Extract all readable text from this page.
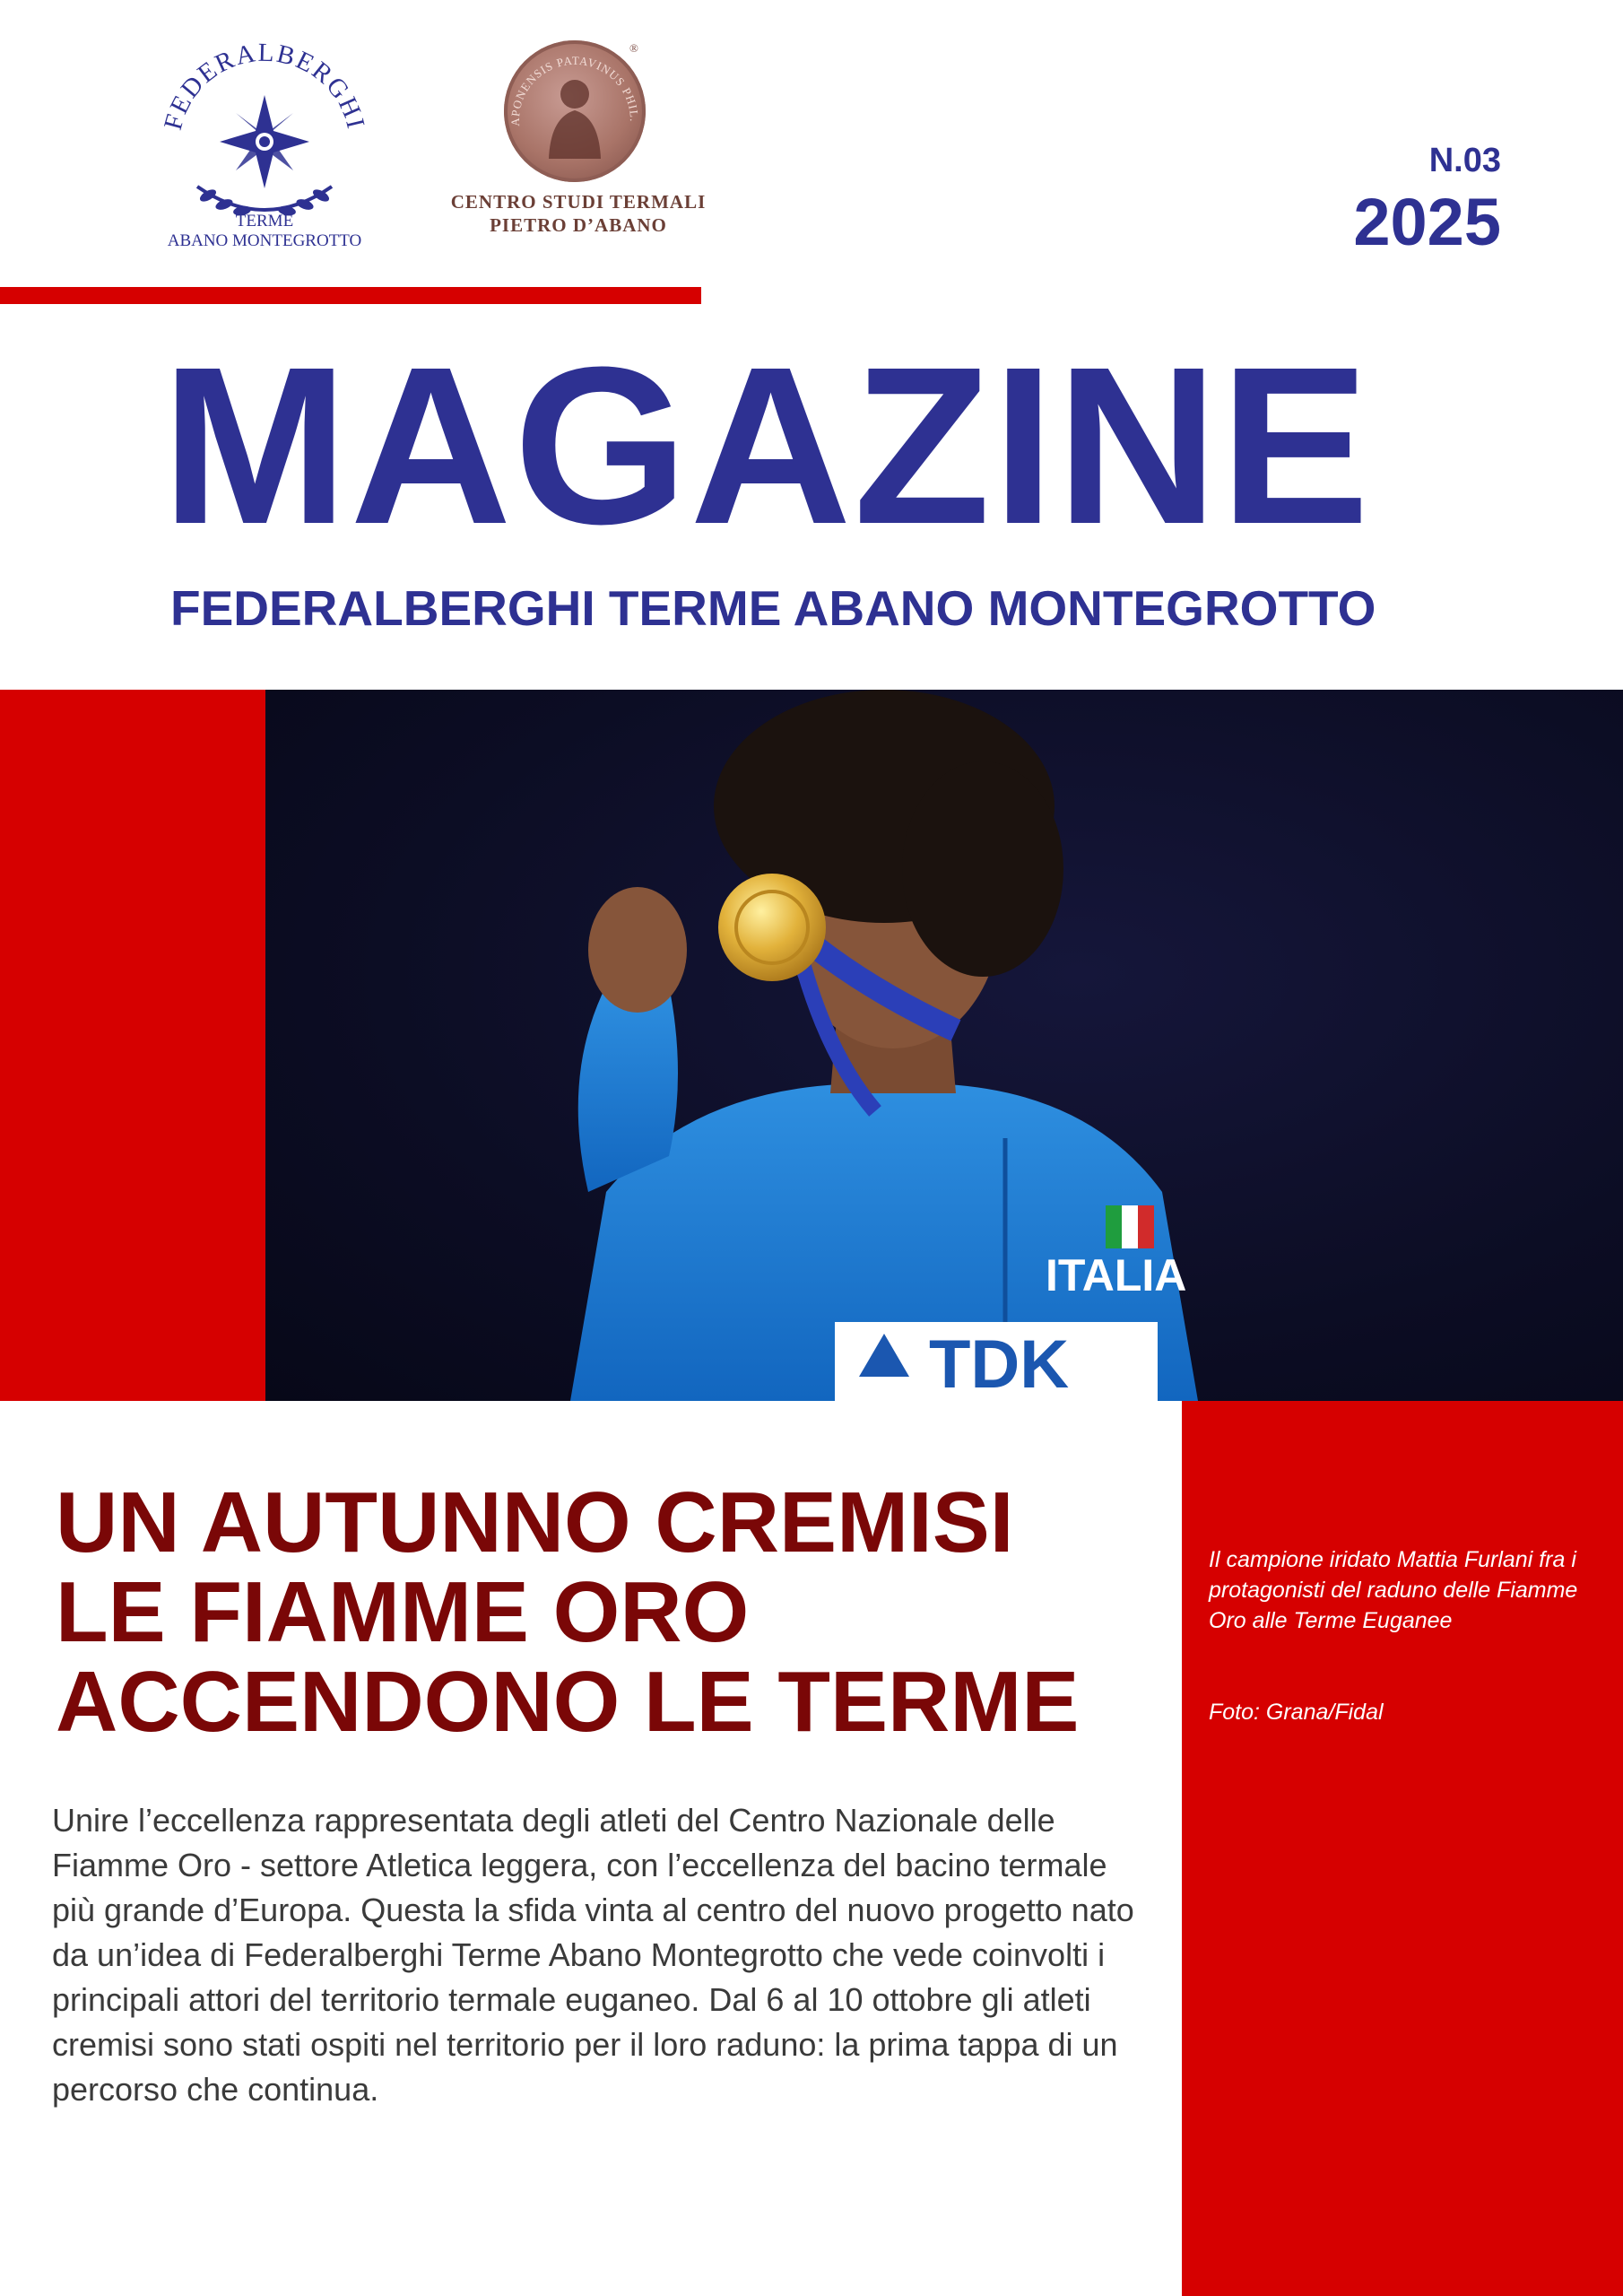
FEDERALBERGHI
TERME
ABANO MONTEGROTTO
APONENSIS PATAVINUS PHIL.
®
CENTRO STUDI TERMALI
PIETRO D’ABANO
N.03
2025
MAGAZINE
FEDERALBERGHI TERME ABANO MONTEGROTTO
ITALIA
TDK
Il campione iridato Mattia Furlani fra i protagonisti del raduno delle Fiamme Oro alle Terme Euganee
Foto: Grana/Fidal
UN AUTUNNO CREMISI
LE FIAMME ORO
ACCENDONO LE TERME
Unire l’eccellenza rappresentata degli atleti del Centro Nazionale delle Fiamme Oro - settore Atletica leggera, con l’eccellenza del bacino termale più grande d’Europa. Questa la sfida vinta al centro del nuovo progetto nato da un’idea di Federalberghi Terme Abano Montegrotto che vede coinvolti i principali attori del territorio termale euganeo. Dal 6 al 10 ottobre gli atleti cremisi sono stati ospiti nel territorio per il loro raduno: la prima tappa di un percorso che continua.
